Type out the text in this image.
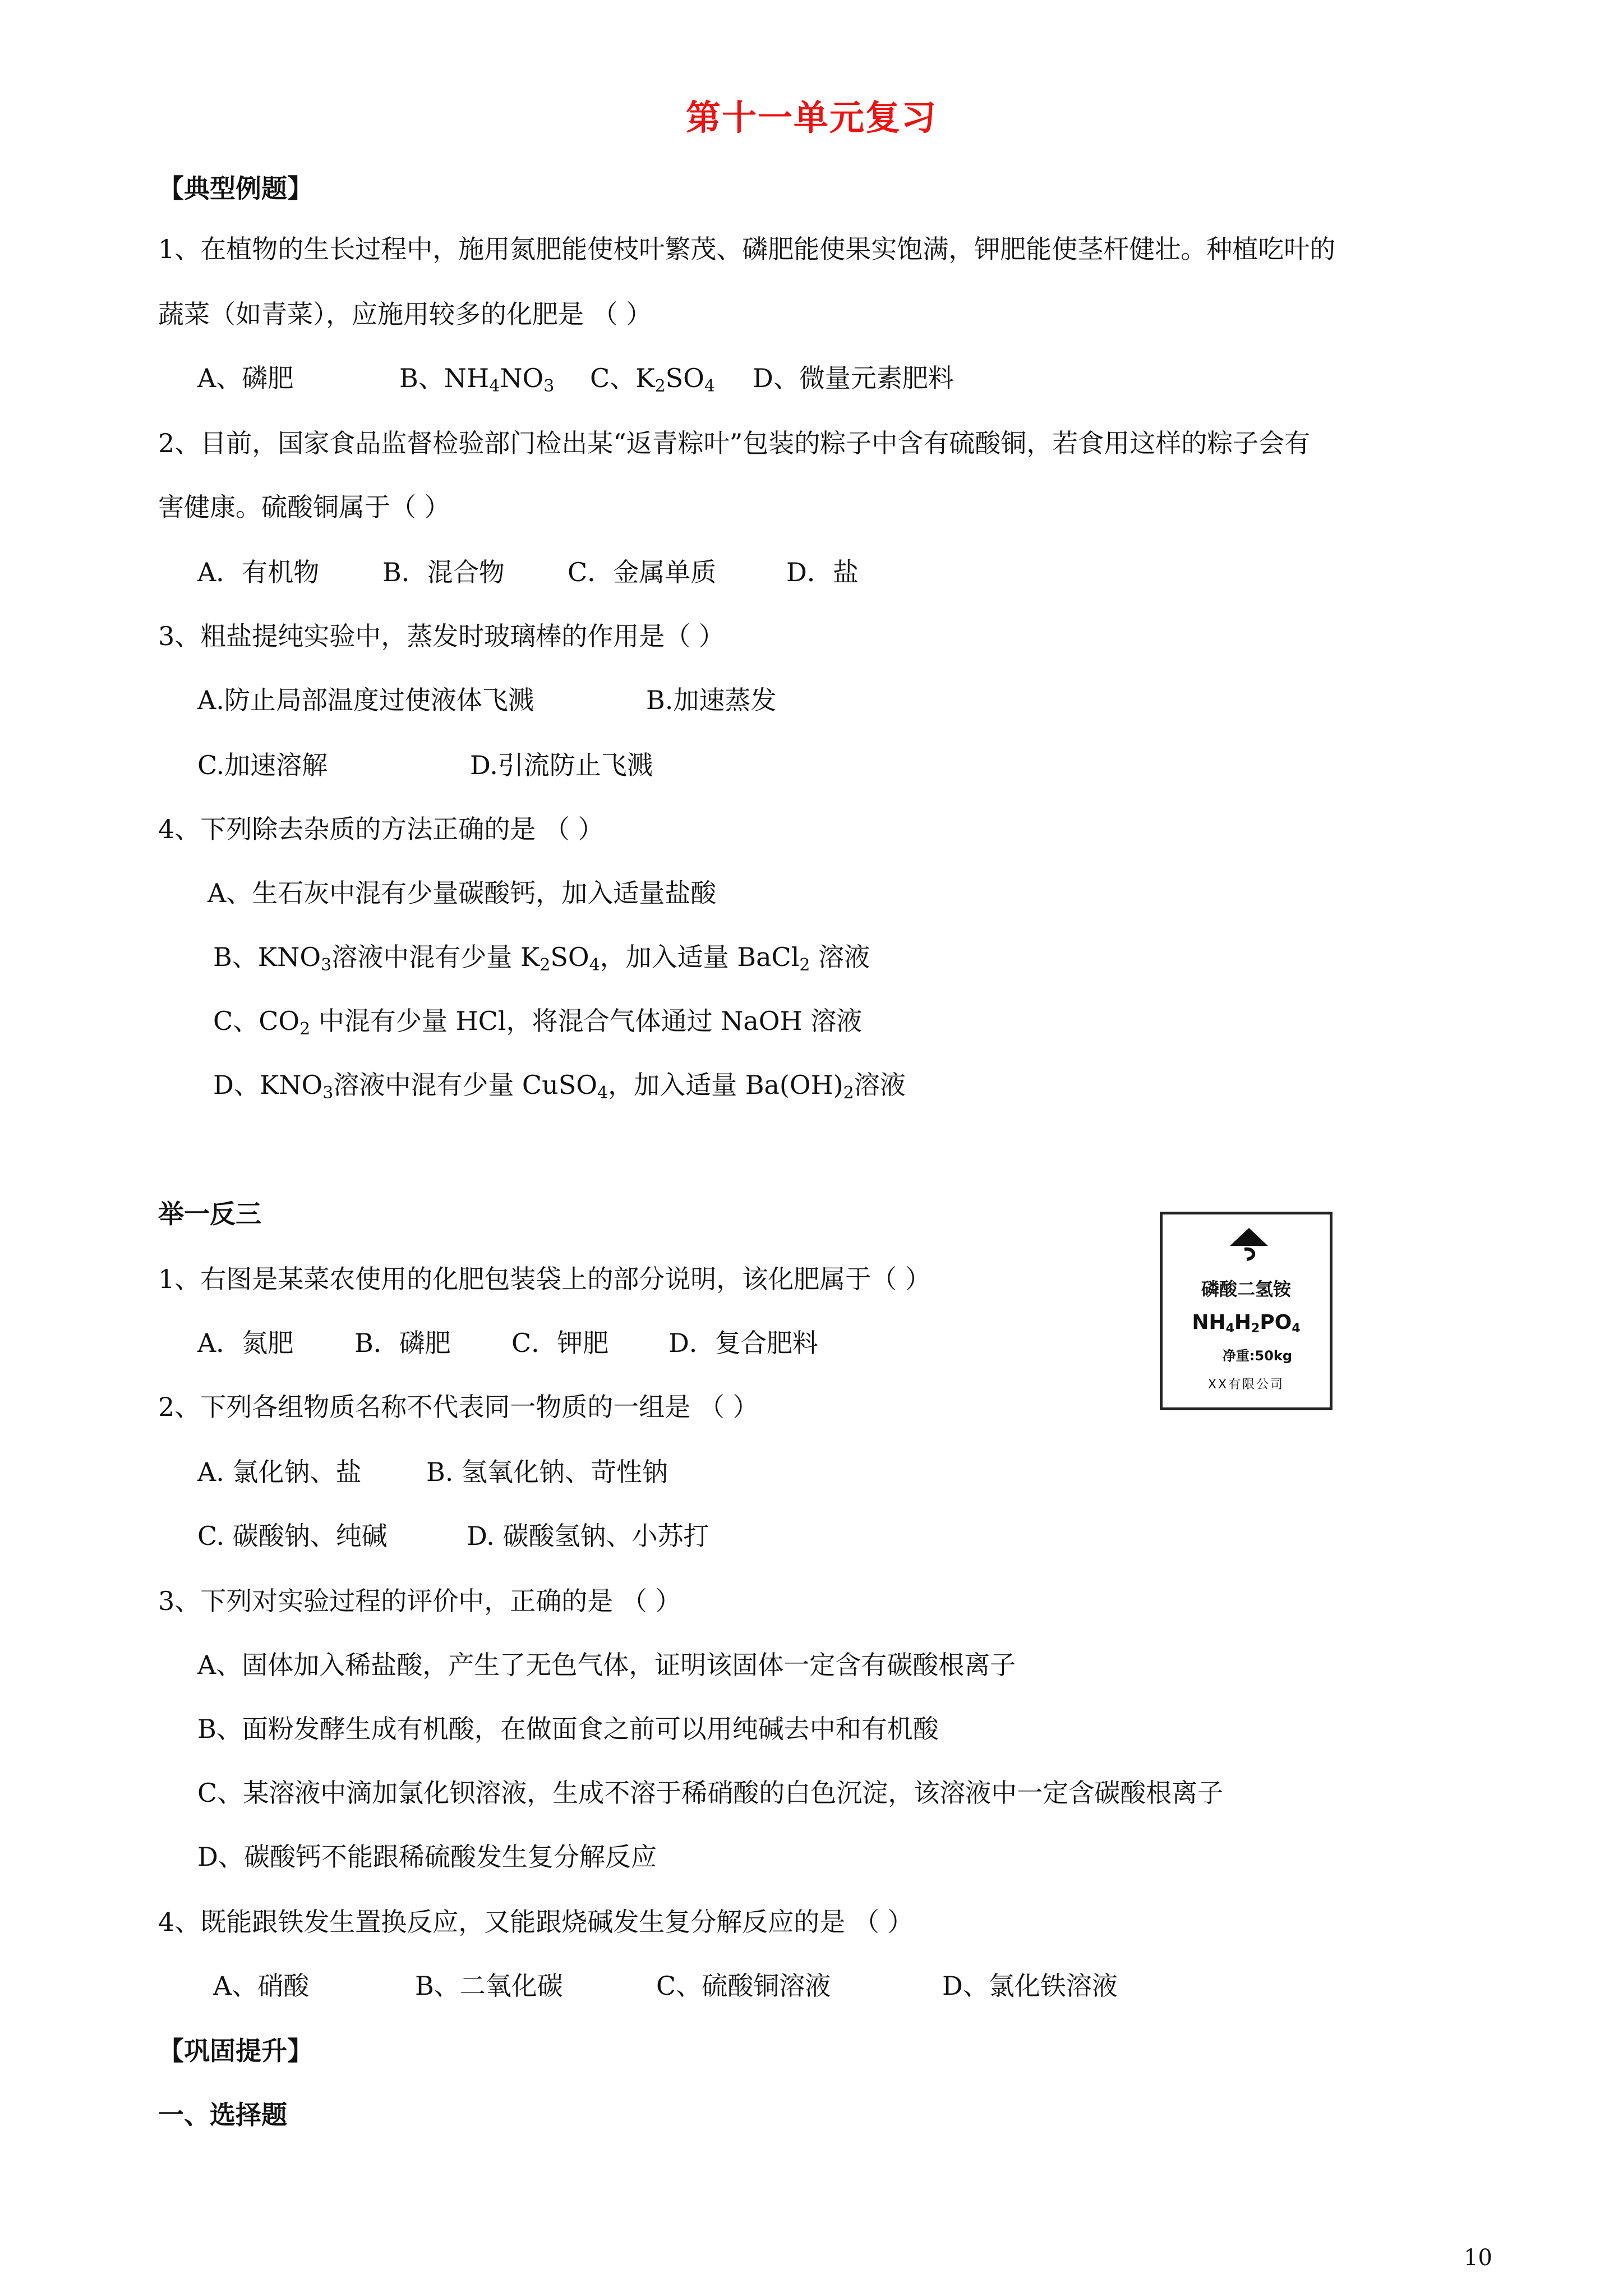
第十一单元复习
【典型例题】
1、在植物的生长过程中，施用氮肥能使枝叶繁茂、磷肥能使果实饱满，钾肥能使茎杆健壮。种植吃叶的
蔬菜（如青菜），应施用较多的化肥是 （ ）
A、磷肥	B、$NH_4NO_3$ C、$K_2SO_4$ D、微量元素肥料
2、目前，国家食品监督检验部门检出某“返青粽叶”包装的粽子中含有硫酸铜，若食用这样的粽子会有
害健康。硫酸铜属于（ ）
A．有机物 B．混合物 C．金属单质	D．盐
3、粗盐提纯实验中，蒸发时玻璃棒的作用是（ ）
A.防止局部温度过使液体飞溅	B.加速蒸发
C.加速溶解	D.引流防止飞溅
4、下列除去杂质的方法正确的是 （ ）
A、生石灰中混有少量碳酸钙，加入适量盐酸
B、$KNO_3$溶液中混有少量 $K_2SO_4$，加入适量 BaCl$_2$ 溶液
C、$CO_2$ 中混有少量 HCl，将混合气体通过 NaOH 溶液
D、$KNO_3$溶液中混有少量 CuSO$_4$，加入适量 $Ba(OH)_2$溶液
举一反三
1、右图是某菜农使用的化肥包装袋上的部分说明，该化肥属于（ ）
A．氮肥 B．磷肥 C．钾肥 D．复合肥料
2、下列各组物质名称不代表同一物质的一组是 （ ）
A. 氯化钠、盐	B. 氢氧化钠、苛性钠
C. 碳酸钠、纯碱	D. 碳酸氢钠、小苏打
3、下列对实验过程的评价中，正确的是 （ ）
A、固体加入稀盐酸，产生了无色气体，证明该固体一定含有碳酸根离子
B、面粉发酵生成有机酸，在做面食之前可以用纯碱去中和有机酸
C、某溶液中滴加氯化钡溶液，生成不溶于稀硝酸的白色沉淀，该溶液中一定含碳酸根离子
D、碳酸钙不能跟稀硫酸发生复分解反应
4、既能跟铁发生置换反应，又能跟烧碱发生复分解反应的是 （ ）
A、硝酸	B、二氧化碳	C、硫酸铜溶液	D、氯化铁溶液
【巩固提升】
一、选择题
磷酸二氢铵
$NH_4H_2PO_4$
净重:50kg
XX有限公司
10
